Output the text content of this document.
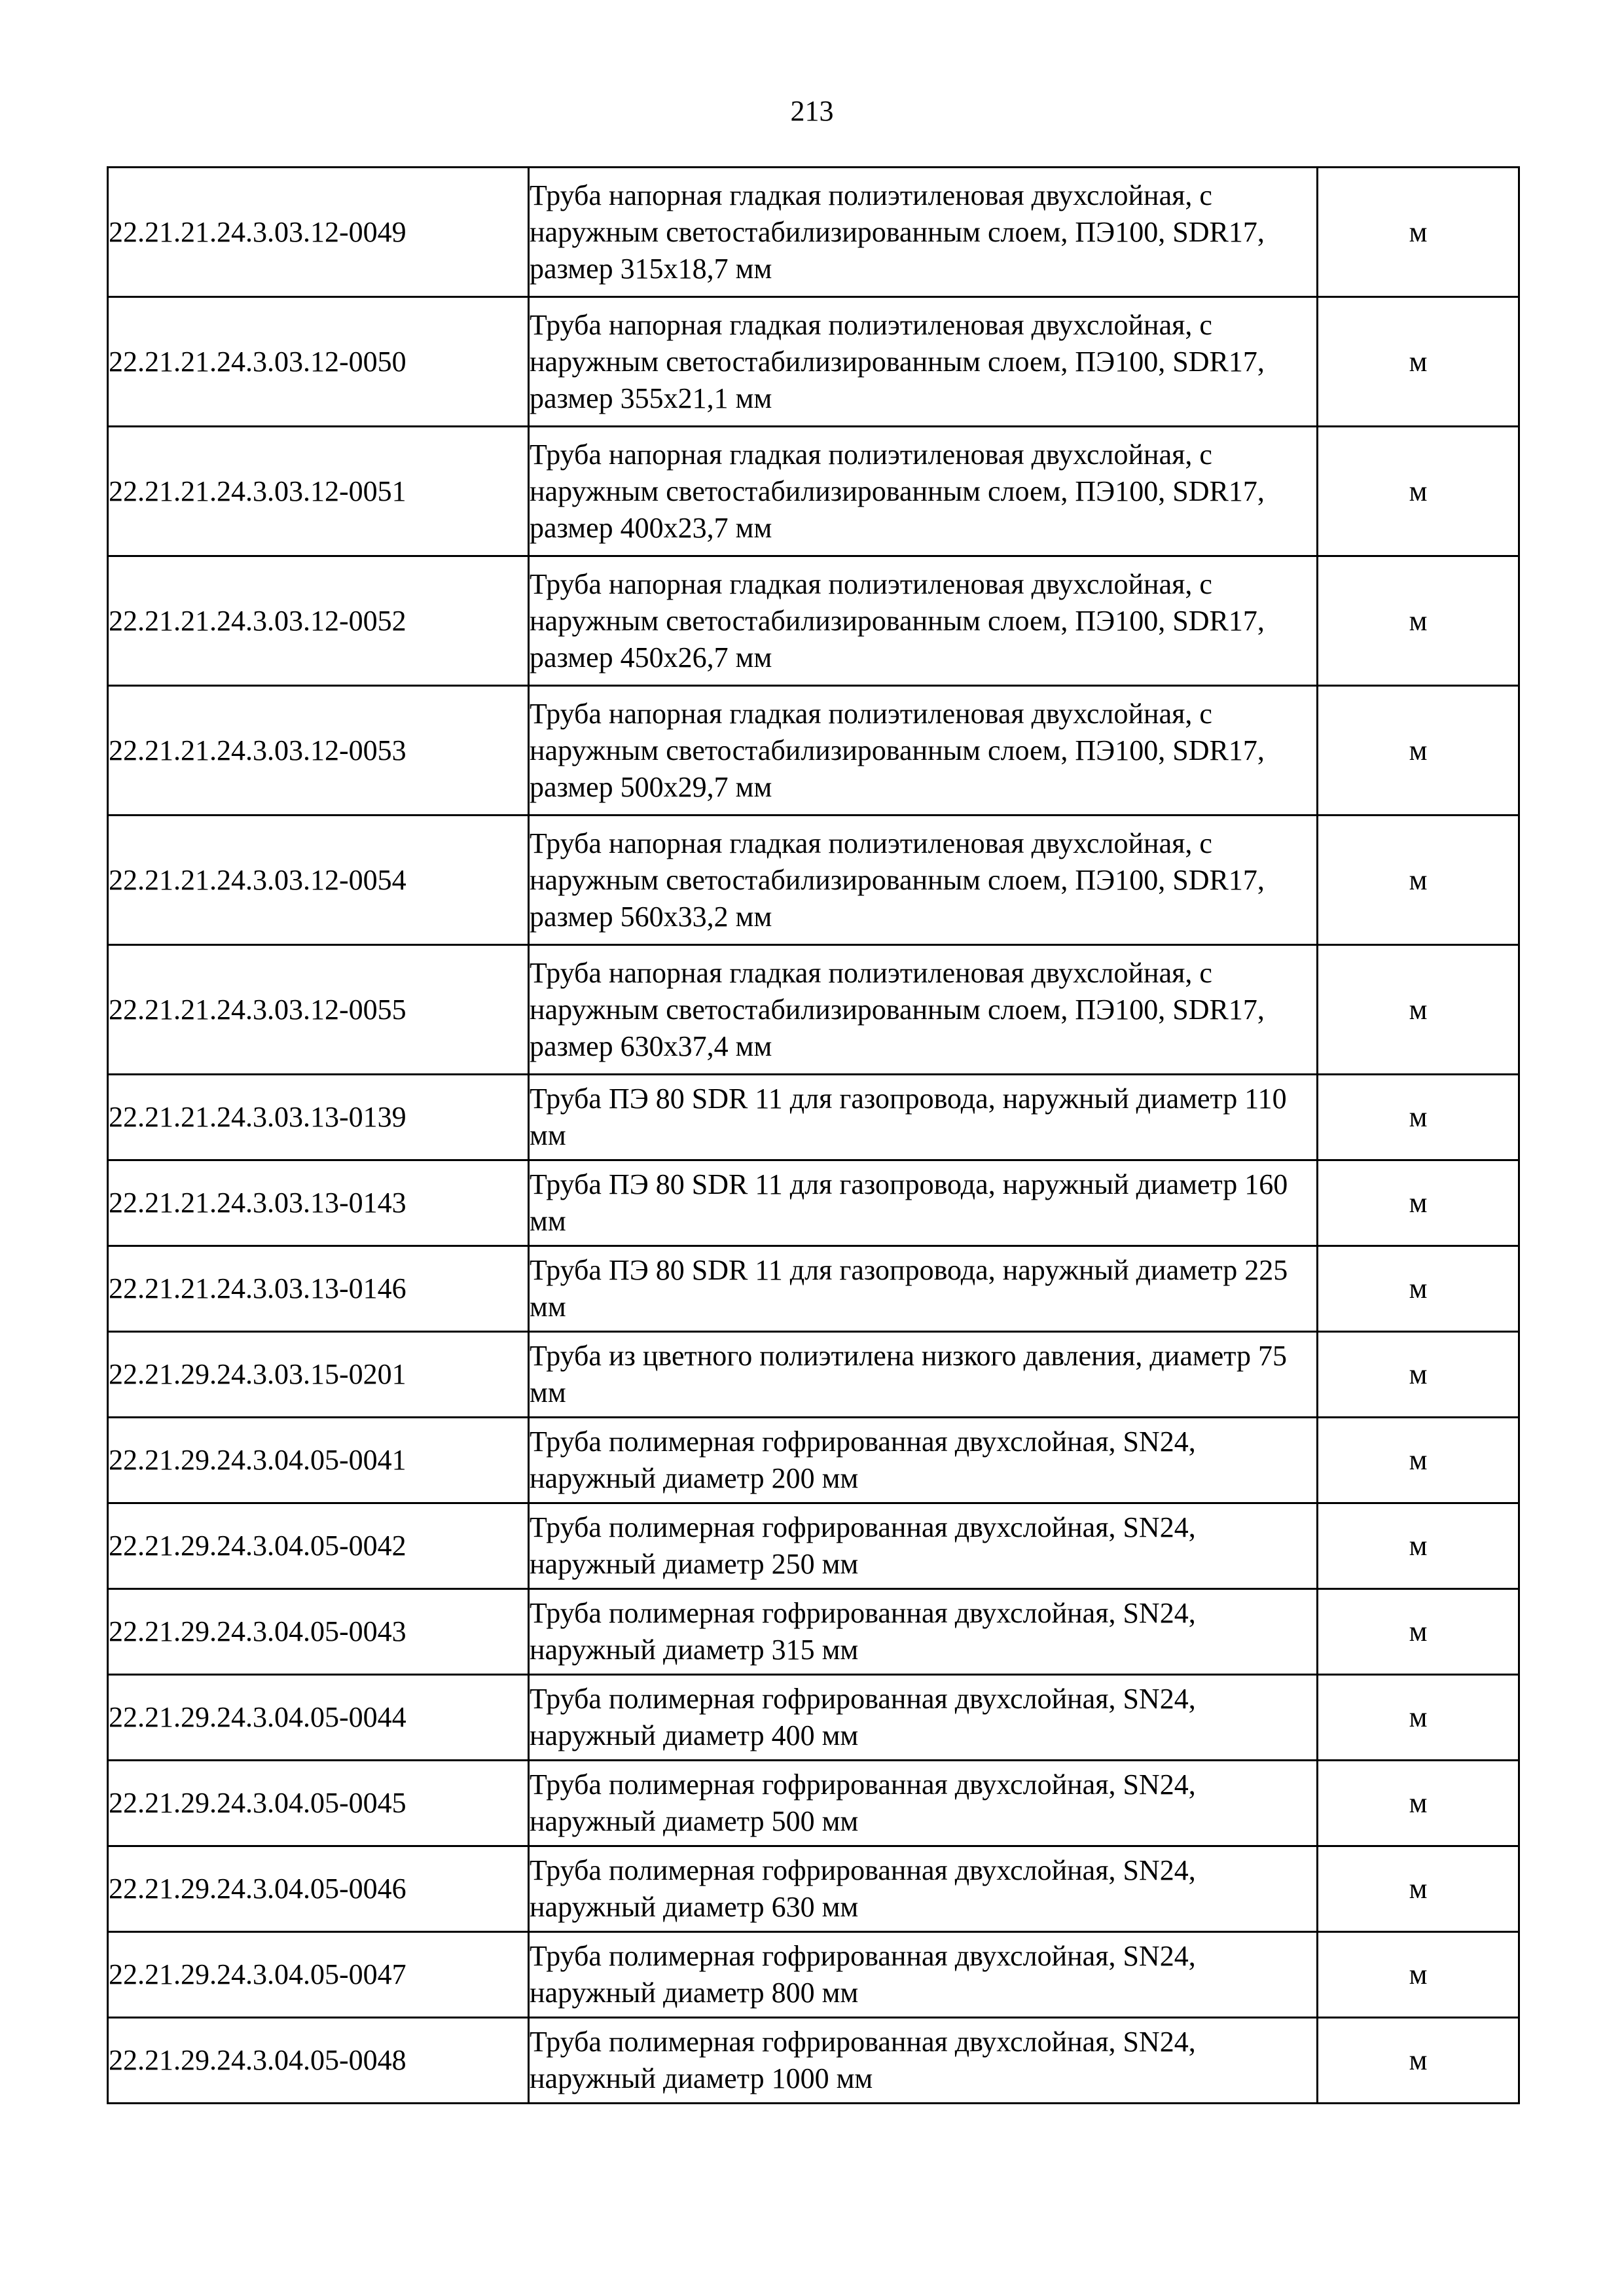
213
22.21.21.24.3.03.12-0049	Труба напорная гладкая полиэтиленовая двухслойная, с наружным светостабилизированным слоем, ПЭ100, SDR17, размер 315х18,7 мм	м
22.21.21.24.3.03.12-0050	Труба напорная гладкая полиэтиленовая двухслойная, с наружным светостабилизированным слоем, ПЭ100, SDR17, размер 355х21,1 мм	м
22.21.21.24.3.03.12-0051	Труба напорная гладкая полиэтиленовая двухслойная, с наружным светостабилизированным слоем, ПЭ100, SDR17, размер 400х23,7 мм	м
22.21.21.24.3.03.12-0052	Труба напорная гладкая полиэтиленовая двухслойная, с наружным светостабилизированным слоем, ПЭ100, SDR17, размер 450х26,7 мм	м
22.21.21.24.3.03.12-0053	Труба напорная гладкая полиэтиленовая двухслойная, с наружным светостабилизированным слоем, ПЭ100, SDR17, размер 500х29,7 мм	м
22.21.21.24.3.03.12-0054	Труба напорная гладкая полиэтиленовая двухслойная, с наружным светостабилизированным слоем, ПЭ100, SDR17, размер 560х33,2 мм	м
22.21.21.24.3.03.12-0055	Труба напорная гладкая полиэтиленовая двухслойная, с наружным светостабилизированным слоем, ПЭ100, SDR17, размер 630х37,4 мм	м
22.21.21.24.3.03.13-0139	Труба ПЭ 80 SDR 11 для газопровода, наружный диаметр 110 мм	м
22.21.21.24.3.03.13-0143	Труба ПЭ 80 SDR 11 для газопровода, наружный диаметр 160 мм	м
22.21.21.24.3.03.13-0146	Труба ПЭ 80 SDR 11 для газопровода, наружный диаметр 225 мм	м
22.21.29.24.3.03.15-0201	Труба из цветного полиэтилена низкого давления, диаметр 75 мм	м
22.21.29.24.3.04.05-0041	Труба полимерная гофрированная двухслойная, SN24, наружный диаметр 200 мм	м
22.21.29.24.3.04.05-0042	Труба полимерная гофрированная двухслойная, SN24, наружный диаметр 250 мм	м
22.21.29.24.3.04.05-0043	Труба полимерная гофрированная двухслойная, SN24, наружный диаметр 315 мм	м
22.21.29.24.3.04.05-0044	Труба полимерная гофрированная двухслойная, SN24, наружный диаметр 400 мм	м
22.21.29.24.3.04.05-0045	Труба полимерная гофрированная двухслойная, SN24, наружный диаметр 500 мм	м
22.21.29.24.3.04.05-0046	Труба полимерная гофрированная двухслойная, SN24, наружный диаметр 630 мм	м
22.21.29.24.3.04.05-0047	Труба полимерная гофрированная двухслойная, SN24, наружный диаметр 800 мм	м
22.21.29.24.3.04.05-0048	Труба полимерная гофрированная двухслойная, SN24, наружный диаметр 1000 мм	м
